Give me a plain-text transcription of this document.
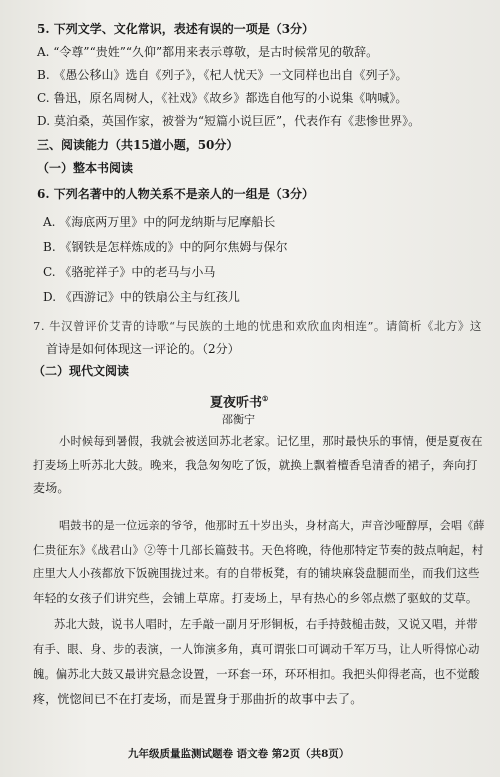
5. 下列文学、文化常识，表述有误的一项是（3分）
A. “令尊”“贵姓”“久仰”都用来表示尊敬，是古时候常见的敬辞。
B. 《愚公移山》选自《列子》，《杞人忧天》一文同样也出自《列子》。
C. 鲁迅，原名周树人，《社戏》《故乡》都选自他写的小说集《呐喊》。
D. 莫泊桑，英国作家，被誉为“短篇小说巨匠”，代表作有《悲惨世界》。
三、阅读能力（共15道小题，50分）
（一）整本书阅读
6. 下列名著中的人物关系不是亲人的一组是（3分）
A. 《海底两万里》中的阿龙纳斯与尼摩船长
B. 《钢铁是怎样炼成的》中的阿尔焦姆与保尔
C. 《骆驼祥子》中的老马与小马
D. 《西游记》中的铁扇公主与红孩儿
7. 牛汉曾评价艾青的诗歌“与民族的土地的忧患和欢欣血肉相连”。请简析《北方》这
首诗是如何体现这一评论的。（2分）
（二）现代文阅读
夏夜听书①
邵衡宁
小时候每到暑假，我就会被送回苏北老家。记忆里，那时最快乐的事情，便是夏夜在
打麦场上听苏北大鼓。晚来，我急匆匆吃了饭，就换上飘着檀香皂清香的裙子，奔向打
麦场。
唱鼓书的是一位远亲的爷爷，他那时五十岁出头，身材高大，声音沙哑醇厚，会唱《薛
仁贵征东》《战君山》②等十几部长篇鼓书。天色将晚，待他那特定节奏的鼓点响起，村
庄里大人小孩都放下饭碗围拢过来。有的自带板凳，有的铺块麻袋盘腿而坐，而我们这些
年轻的女孩子们讲究些，会铺上草席。打麦场上，早有热心的乡邻点燃了驱蚊的艾草。
苏北大鼓，说书人唱时，左手敲一副月牙形铜板，右手持鼓槌击鼓，又说又唱，并带
有手、眼、身、步的表演，一人饰演多角，真可谓张口可调动千军万马，让人听得惊心动
魄。偏苏北大鼓又最讲究悬念设置，一环套一环，环环相扣。我把头仰得老高，也不觉酸
疼，恍惚间已不在打麦场，而是置身于那曲折的故事中去了。
九年级质量监测试题卷 语文卷 第2页（共8页）
